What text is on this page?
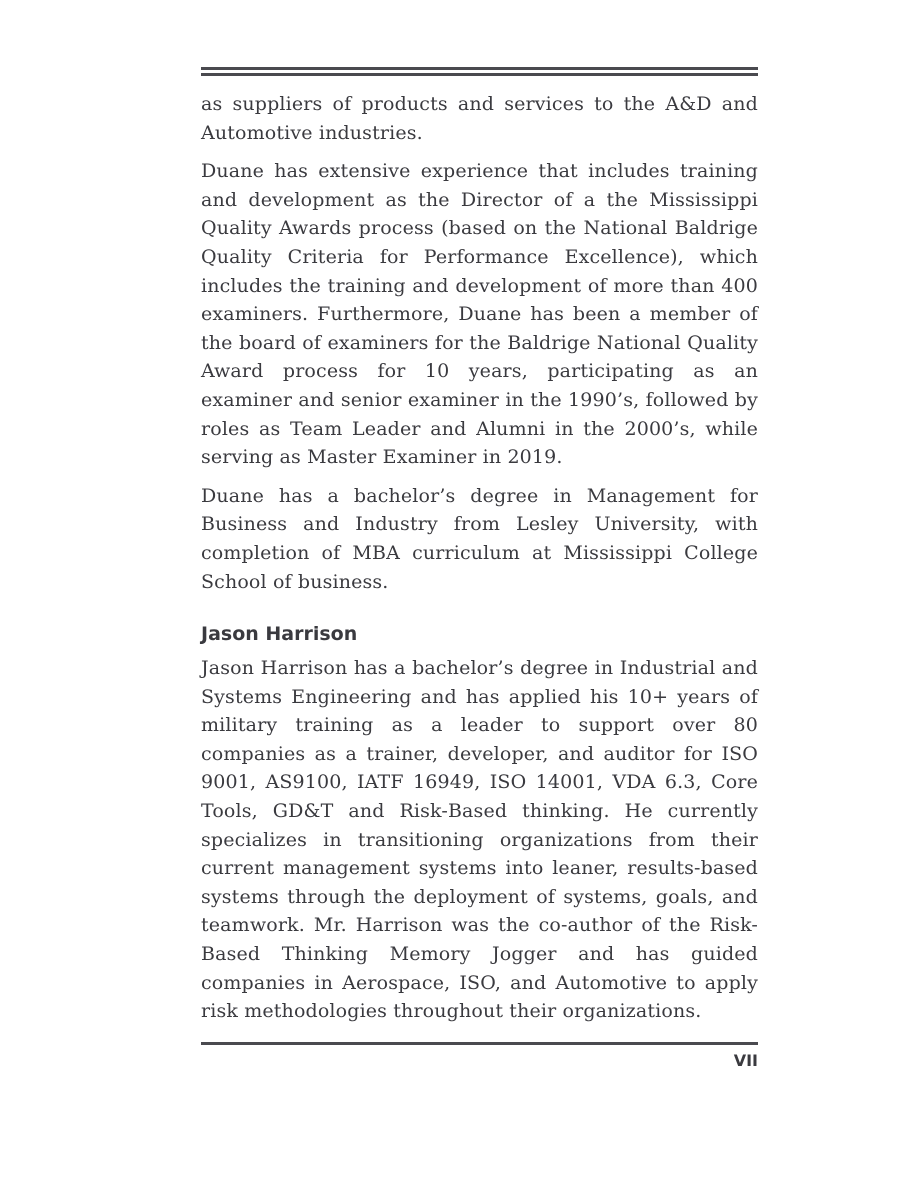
as suppliers of products and services to the A&D and Automotive industries.

Duane has extensive experience that includes training and development as the Director of a the Mississippi Quality Awards process (based on the National Baldrige Quality Criteria for Performance Excellence), which includes the training and development of more than 400 examiners. Furthermore, Duane has been a member of the board of examiners for the Baldrige National Quality Award process for 10 years, participating as an examiner and senior examiner in the 1990’s, followed by roles as Team Leader and Alumni in the 2000’s, while serving as Master Examiner in 2019.

Duane has a bachelor’s degree in Management for Business and Industry from Lesley University, with completion of MBA curriculum at Mississippi College School of business.

Jason Harrison

Jason Harrison has a bachelor’s degree in Industrial and Systems Engineering and has applied his 10+ years of military training as a leader to support over 80 companies as a trainer, developer, and auditor for ISO 9001, AS9100, IATF 16949, ISO 14001, VDA 6.3, Core Tools, GD&T and Risk-Based thinking. He currently specializes in transitioning organizations from their current management systems into leaner, results-based systems through the deployment of systems, goals, and teamwork. Mr. Harrison was the co-author of the Risk-Based Thinking Memory Jogger and has guided companies in Aerospace, ISO, and Automotive to apply risk methodologies throughout their organizations.

VII
